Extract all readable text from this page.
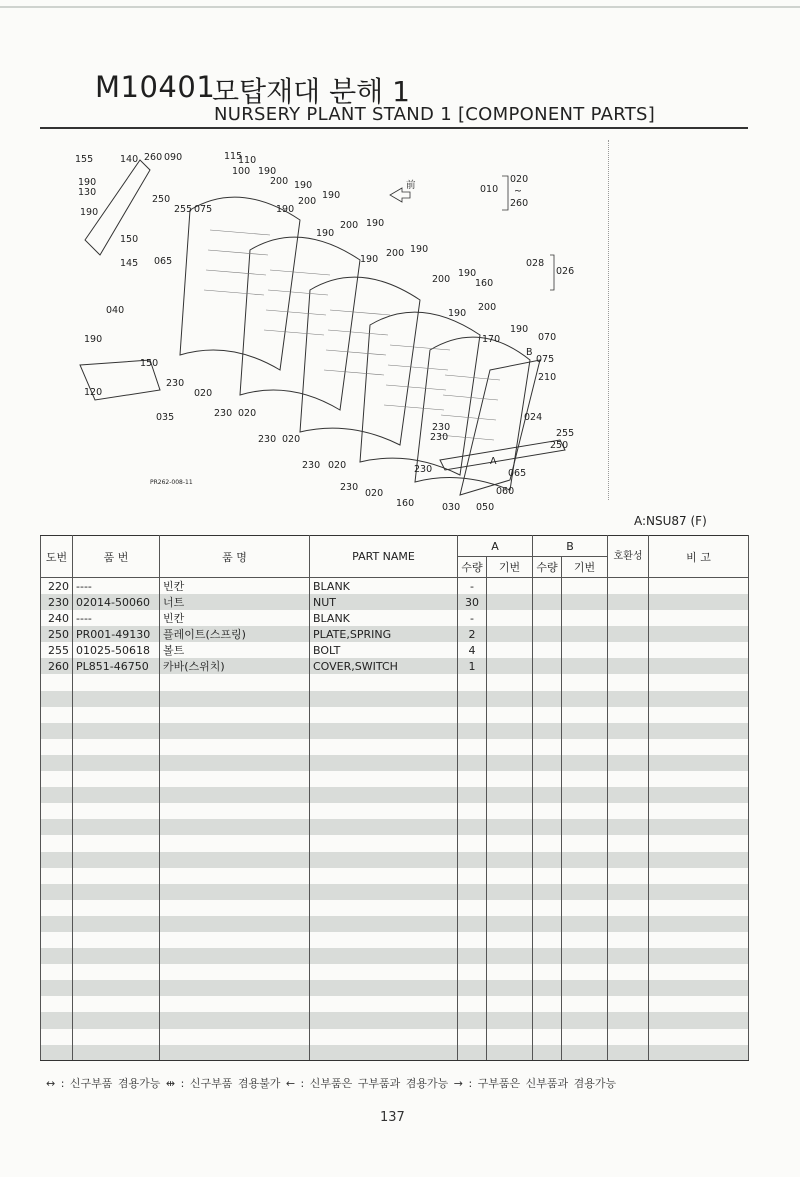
M10401
모탑재대 분해 1
NURSERY PLANT STAND 1 [COMPONENT PARTS]
155	140 260 090	115
110
100 190
190
130
250
255 075
200 190
190	190
200
190
150
145 065
190
200 190
190
200 190
200
190
160
040	200
190
190
070
170
075
190
150
210
120
230
020
035	230 020	024
255
250
230
230
230 020
065
230 020	230
060
230
020
160	030 050
前	010
020
~
260
028
026
B
A
PR262-008-11
A:NSU87 (F)
도번	품 번	품 명	PART NAME	A		B		호환성	비 고
				수량	기번	수량	기번		
220	----	빈칸	BLANK	-					
230	02014-50060	너트	NUT	30					
240	----	빈칸	BLANK	-					
250	PR001-49130	플레이트(스프링)	PLATE,SPRING	2					
255	01025-50618	볼트	BOLT	4					
260	PL851-46750	카바(스위치)	COVER,SWITCH	1					

↔ : 신구부품 겸용가능 ⇹ : 신구부품 겸용불가 ← : 신부품은 구부품과 겸용가능 → : 구부품은 신부품과 겸용가능
137
